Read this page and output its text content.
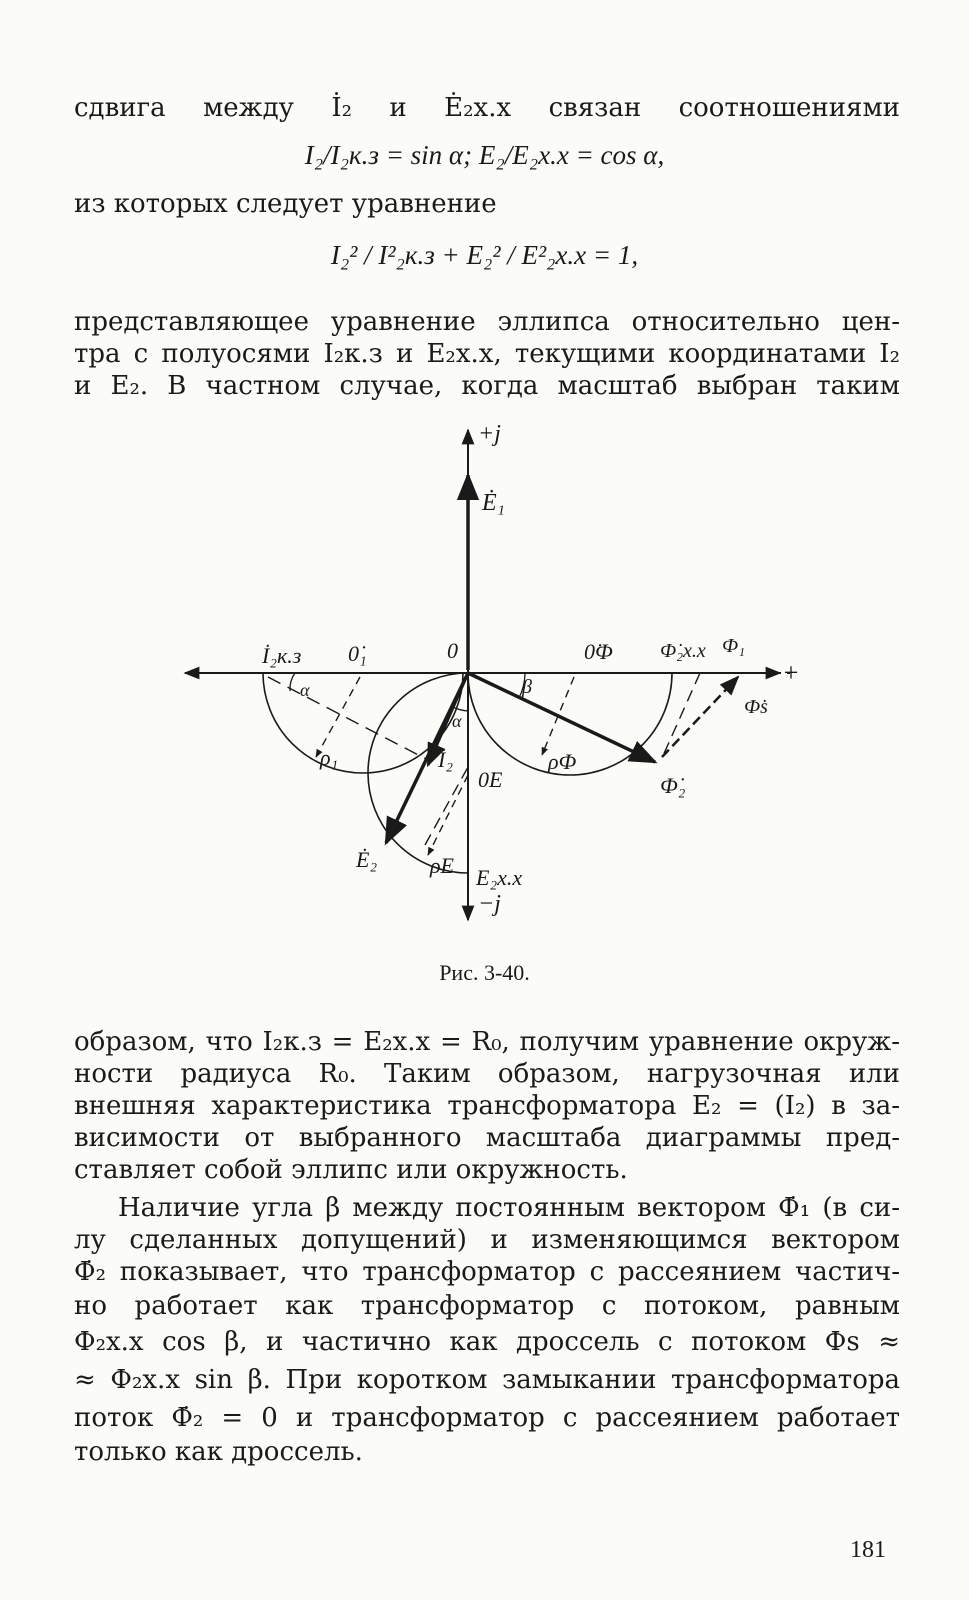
сдвига между İ₂ и Ė₂х.х связан соотношениями
I₂/I₂к.з = sin α; E₂/E₂х.х = cos α,
из которых следует уравнение
I₂² / I²₂к.з + E₂² / E²₂х.х = 1,
представляющее уравнение эллипса относительно цен-
тра с полуосями I₂к.з и E₂х.х, текущими координатами I₂
и E₂. В частном случае, когда масштаб выбран таким
+j
Ė₁
0
İ₂к.з 0̇₁
α
α
ρ₁	İ₂
Ė₂
0̇E
ρE E₂х.х
−j
0̇Ф
β
ρФ
Ф̇₂х.х Ф₁
+
Ф̇s
Ф̇₂
Рис. 3-40.
образом, что I₂к.з = E₂х.х = R₀, получим уравнение окруж-
ности радиуса R₀. Таким образом, нагрузочная или
внешняя характеристика трансформатора E₂ = (I₂) в за-
висимости от выбранного масштаба диаграммы пред-
ставляет собой эллипс или окружность.
Наличие угла β между постоянным вектором Ф̇₁ (в си-
лу сделанных допущений) и изменяющимся вектором
Ф̇₂ показывает, что трансформатор с рассеянием частич-
но работает как трансформатор с потоком, равным
Ф₂х.х cos β, и частично как дроссель с потоком Фs ≈
≈ Ф₂х.х sin β. При коротком замыкании трансформатора
поток Ф̇₂ = 0 и трансформатор с рассеянием работает
только как дроссель.
181
